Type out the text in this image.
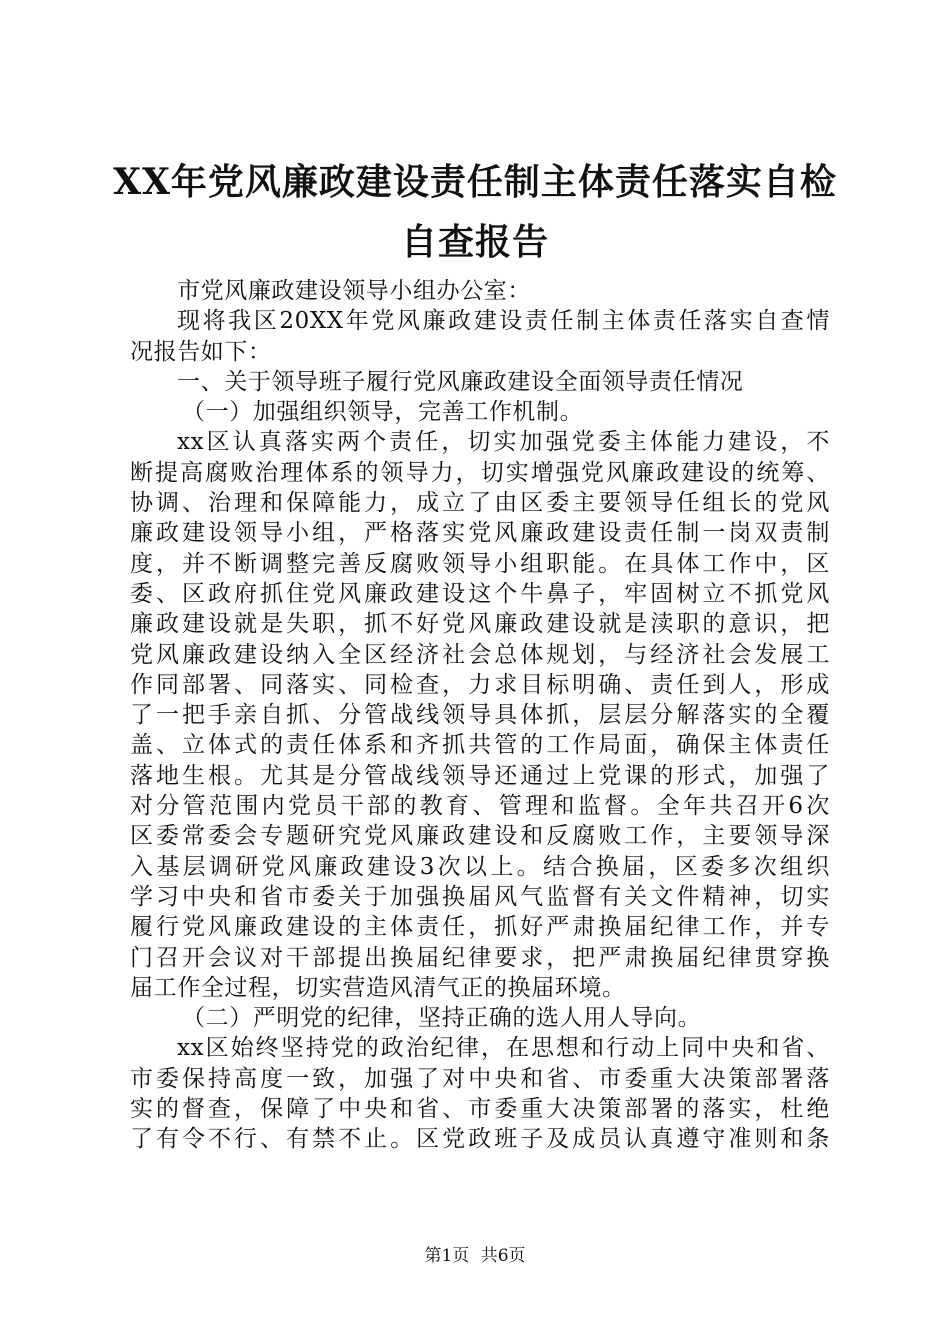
XX年党风廉政建设责任制主体责任落实自检
自查报告
市党风廉政建设领导小组办公室：
现将我区20XX年党风廉政建设责任制主体责任落实自查情
况报告如下：
一、关于领导班子履行党风廉政建设全面领导责任情况
（一）加强组织领导，完善工作机制。
xx区认真落实两个责任，切实加强党委主体能力建设，不
断提高腐败治理体系的领导力，切实增强党风廉政建设的统筹、
协调、治理和保障能力，成立了由区委主要领导任组长的党风
廉政建设领导小组，严格落实党风廉政建设责任制一岗双责制
度，并不断调整完善反腐败领导小组职能。在具体工作中，区
委、区政府抓住党风廉政建设这个牛鼻子，牢固树立不抓党风
廉政建设就是失职，抓不好党风廉政建设就是渎职的意识，把
党风廉政建设纳入全区经济社会总体规划，与经济社会发展工
作同部署、同落实、同检查，力求目标明确、责任到人，形成
了一把手亲自抓、分管战线领导具体抓，层层分解落实的全覆
盖、立体式的责任体系和齐抓共管的工作局面，确保主体责任
落地生根。尤其是分管战线领导还通过上党课的形式，加强了
对分管范围内党员干部的教育、管理和监督。全年共召开6次
区委常委会专题研究党风廉政建设和反腐败工作，主要领导深
入基层调研党风廉政建设3次以上。结合换届，区委多次组织
学习中央和省市委关于加强换届风气监督有关文件精神，切实
履行党风廉政建设的主体责任，抓好严肃换届纪律工作，并专
门召开会议对干部提出换届纪律要求，把严肃换届纪律贯穿换
届工作全过程，切实营造风清气正的换届环境。
（二）严明党的纪律，坚持正确的选人用人导向。
xx区始终坚持党的政治纪律，在思想和行动上同中央和省、
市委保持高度一致，加强了对中央和省、市委重大决策部署落
实的督查，保障了中央和省、市委重大决策部署的落实，杜绝
了有令不行、有禁不止。区党政班子及成员认真遵守准则和条
第1页 共6页
